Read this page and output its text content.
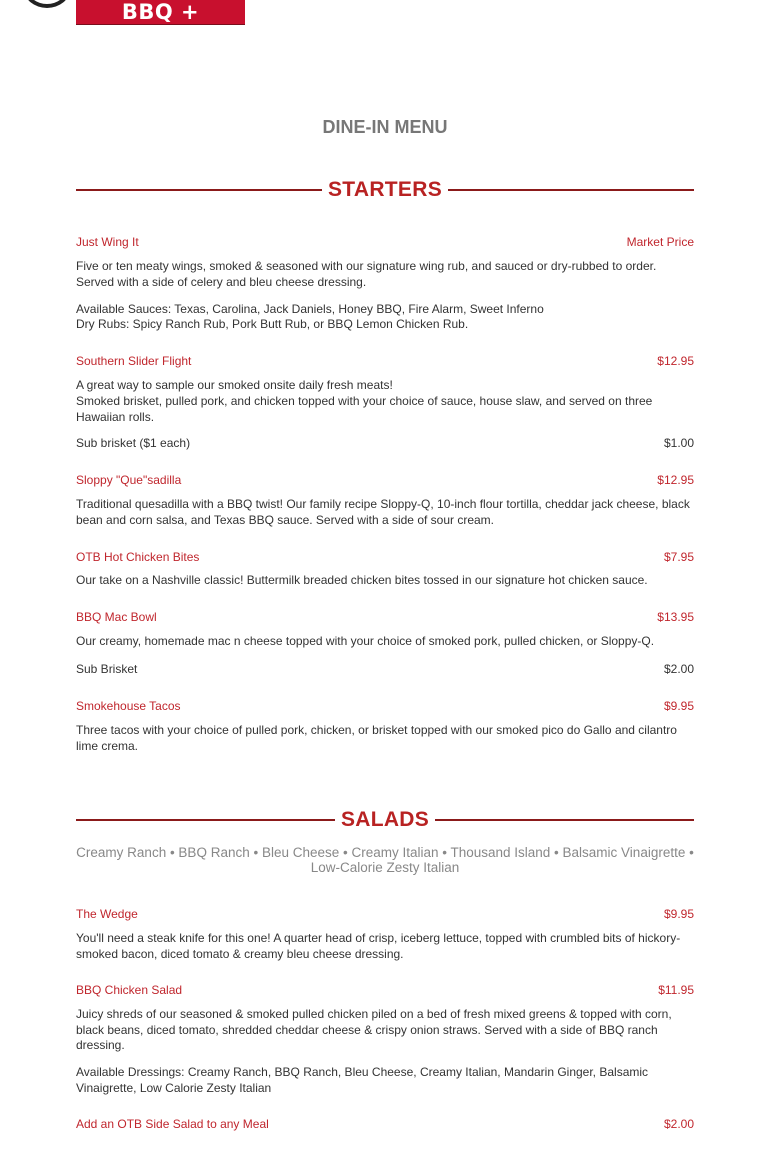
BBQ + RIBHOUSE
DINE-IN MENU
STARTERS
Just Wing It	Market Price
Five or ten meaty wings, smoked & seasoned with our signature wing rub, and sauced or dry-rubbed to order. Served with a side of celery and bleu cheese dressing.
Available Sauces: Texas, Carolina, Jack Daniels, Honey BBQ, Fire Alarm, Sweet Inferno
Dry Rubs: Spicy Ranch Rub, Pork Butt Rub, or BBQ Lemon Chicken Rub.
Southern Slider Flight	$12.95
A great way to sample our smoked onsite daily fresh meats!
Smoked brisket, pulled pork, and chicken topped with your choice of sauce, house slaw, and served on three Hawaiian rolls.
Sub brisket ($1 each)	$1.00
Sloppy "Que"sadilla	$12.95
Traditional quesadilla with a BBQ twist! Our family recipe Sloppy-Q, 10-inch flour tortilla, cheddar jack cheese, black bean and corn salsa, and Texas BBQ sauce. Served with a side of sour cream.
OTB Hot Chicken Bites	$7.95
Our take on a Nashville classic! Buttermilk breaded chicken bites tossed in our signature hot chicken sauce.
BBQ Mac Bowl	$13.95
Our creamy, homemade mac n cheese topped with your choice of smoked pork, pulled chicken, or Sloppy-Q.
Sub Brisket	$2.00
Smokehouse Tacos	$9.95
Three tacos with your choice of pulled pork, chicken, or brisket topped with our smoked pico do Gallo and cilantro lime crema.
SALADS
Creamy Ranch • BBQ Ranch • Bleu Cheese • Creamy Italian • Thousand Island • Balsamic Vinaigrette • Low-Calorie Zesty Italian
The Wedge	$9.95
You'll need a steak knife for this one! A quarter head of crisp, iceberg lettuce, topped with crumbled bits of hickory-smoked bacon, diced tomato & creamy bleu cheese dressing.
BBQ Chicken Salad	$11.95
Juicy shreds of our seasoned & smoked pulled chicken piled on a bed of fresh mixed greens & topped with corn, black beans, diced tomato, shredded cheddar cheese & crispy onion straws. Served with a side of BBQ ranch dressing.
Available Dressings: Creamy Ranch, BBQ Ranch, Bleu Cheese, Creamy Italian, Mandarin Ginger, Balsamic Vinaigrette, Low Calorie Zesty Italian
Add an OTB Side Salad to any Meal	$2.00
